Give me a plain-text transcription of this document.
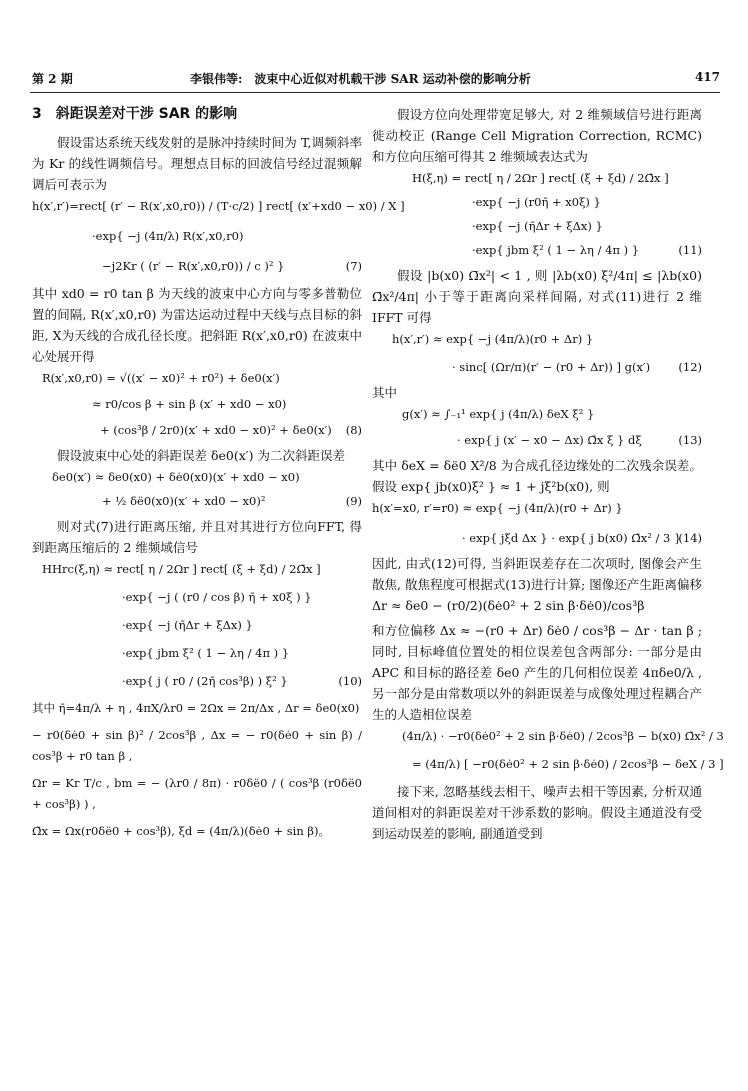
第 2 期	李银伟等:　波束中心近似对机载干涉 SAR 运动补偿的影响分析	417
3　斜距误差对干涉 SAR 的影响

假设雷达系统天线发射的是脉冲持续时间为 T,调频斜率为 Kr 的线性调频信号。理想点目标的回波信号经过混频解调后可表示为

h(x′,r′)=rect[ (r′ − R(x′,x0,r0)) / (T·c/2) ] rect[ (x′+xd0 − x0) / X ]
·exp{ −j (4π/λ) R(x′,x0,r0)
−j2Kr ( (r′ − R(x′,x0,r0)) / c )² }	(7)

其中 xd0 = r0 tan β 为天线的波束中心方向与零多普勒位置的间隔, R(x′,x0,r0) 为雷达运动过程中天线与点目标的斜距, X为天线的合成孔径长度。把斜距 R(x′,x0,r0) 在波束中心处展开得

R(x′,x0,r0) = √((x′ − x0)² + r0²) + δe0(x′)
≈ r0/cos β + sin β (x′ + xd0 − x0)
+ (cos³β / 2r0)(x′ + xd0 − x0)² + δe0(x′)	(8)

假设波束中心处的斜距误差 δe0(x′) 为二次斜距误差

δe0(x′) ≈ δe0(x0) + δė0(x0)(x′ + xd0 − x0)
+ ½ δë0(x0)(x′ + xd0 − x0)²	(9)

则对式(7)进行距离压缩, 并且对其进行方位向FFT, 得到距离压缩后的 2 维频域信号

HHrc(ξ,η) ≈ rect[ η / 2Ωr ] rect[ (ξ + ξd) / 2Ω̄x ]
·exp{ −j ( (r0 / cos β) η̄ + x0ξ ) }
·exp{ −j (η̄Δr + ξΔx) }
·exp{ jbm ξ² ( 1 − λη / 4π ) }
·exp{ j ( r0 / (2η̄ cos³β) ) ξ² }	(10)

其中 η̄=4π/λ + η , 4πX/λr0 = 2Ωx = 2π/Δx , Δr = δe0(x0)

− r0(δė0 + sin β)² / 2cos³β , Δx = − r0(δė0 + sin β) / cos³β + r0 tan β ,

Ωr = Kr T/c , bm = − (λr0 / 8π) · r0δë0 / ( cos³β (r0δë0 + cos³β) ) ,

Ω̄x = Ωx(r0δë0 + cos³β), ξd = (4π/λ)(δė0 + sin β)。

假设方位向处理带宽足够大, 对 2 维频域信号进行距离徙动校正 (Range Cell Migration Correction, RCMC)和方位向压缩可得其 2 维频域表达式为

H(ξ,η) = rect[ η / 2Ωr ] rect[ (ξ + ξd) / 2Ω̄x ]
·exp{ −j (r0η̄ + x0ξ) }
·exp{ −j (η̄Δr + ξΔx) }
·exp{ jbm ξ² ( 1 − λη / 4π ) }	(11)

假设 |b(x0) Ω̄x²| < 1 , 则 |λb(x0) ξ²/4π| ≤ |λb(x0) Ω̄x²/4π| 小于等于距离向采样间隔, 对式(11)进行 2 维 IFFT 可得

h(x′,r′) ≈ exp{ −j (4π/λ)(r0 + Δr) }
· sinc[ (Ωr/π)(r′ − (r0 + Δr)) ] g(x′)	(12)

其中

g(x′) ≈ ∫₋₁¹ exp{ j (4π/λ) δeX ξ² }
· exp{ j (x′ − x0 − Δx) Ω̄x ξ } dξ	(13)

其中 δeX = δë0 X²/8 为合成孔径边缘处的二次残余误差。假设 exp{ jb(x0)ξ² } ≈ 1 + jξ²b(x0), 则

h(x′=x0, r′=r0) ≈ exp{ −j (4π/λ)(r0 + Δr) }
· exp{ jξd Δx } · exp{ j b(x0) Ω̄x² / 3 }
(14)

因此, 由式(12)可得, 当斜距误差存在二次项时, 图像会产生散焦, 散焦程度可根据式(13)进行计算; 图像还产生距离偏移 Δr ≈ δe0 − (r0/2)(δė0² + 2 sin β·δė0)/cos³β

和方位偏移 Δx ≈ −(r0 + Δr) δė0 / cos³β − Δr · tan β ; 同时, 目标峰值位置处的相位误差包含两部分: 一部分是由 APC 和目标的路径差 δe0 产生的几何相位误差 4πδe0/λ , 另一部分是由常数项以外的斜距误差与成像处理过程耦合产生的人造相位误差

(4π/λ) · −r0(δė0² + 2 sin β·δė0) / 2cos³β − b(x0) Ω̄x² / 3
= (4π/λ) [ −r0(δė0² + 2 sin β·δė0) / 2cos³β − δeX / 3 ]

接下来, 忽略基线去相干、噪声去相干等因素, 分析双通道间相对的斜距误差对干涉系数的影响。假设主通道没有受到运动误差的影响, 副通道受到
